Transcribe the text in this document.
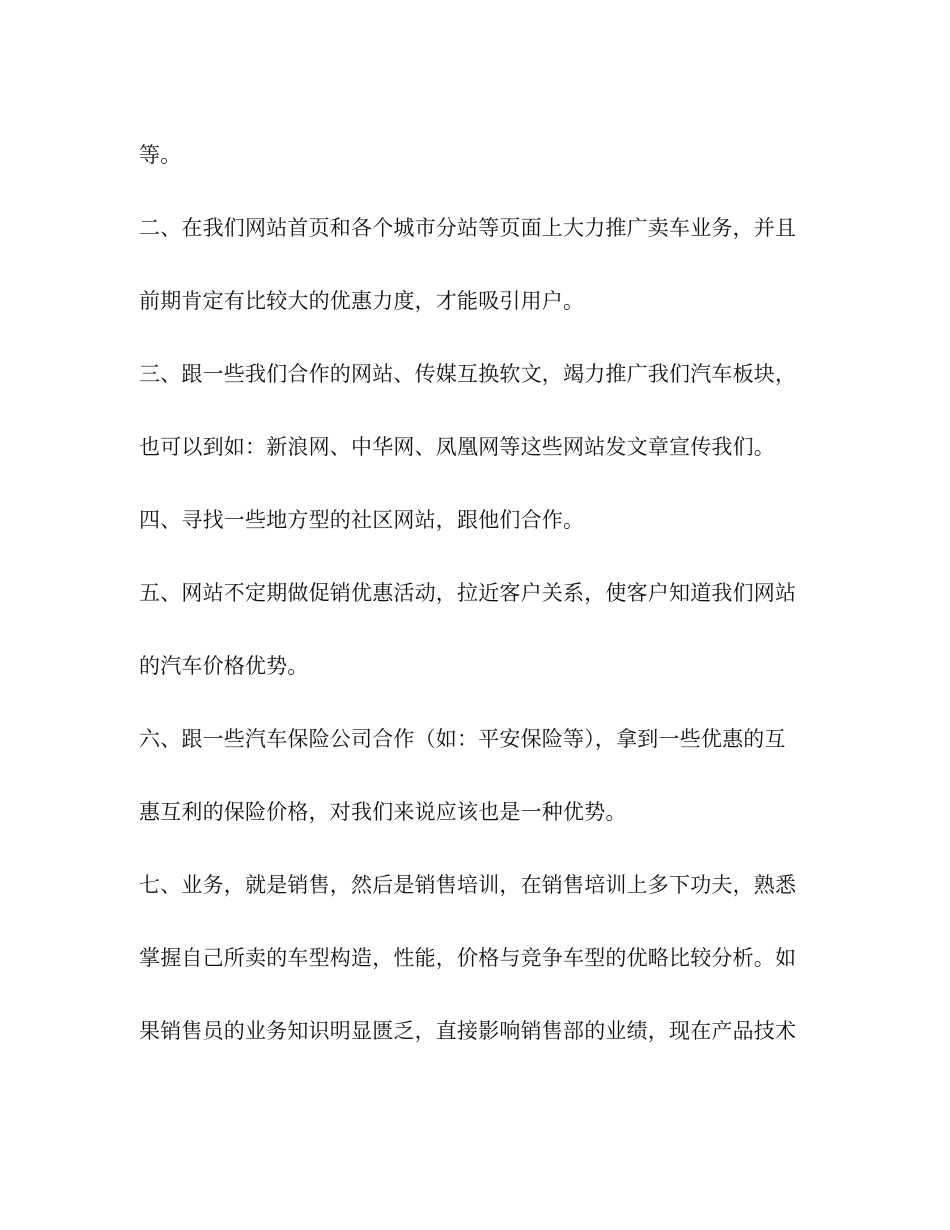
等。

二、在我们网站首页和各个城市分站等页面上大力推广卖车业务，并且

前期肯定有比较大的优惠力度，才能吸引用户。

三、跟一些我们合作的网站、传媒互换软文，竭力推广我们汽车板块，

也可以到如：新浪网、中华网、凤凰网等这些网站发文章宣传我们。

四、寻找一些地方型的社区网站，跟他们合作。

五、网站不定期做促销优惠活动，拉近客户关系，使客户知道我们网站

的汽车价格优势。

六、跟一些汽车保险公司合作（如：平安保险等），拿到一些优惠的互

惠互利的保险价格，对我们来说应该也是一种优势。

七、业务，就是销售，然后是销售培训，在销售培训上多下功夫，熟悉

掌握自己所卖的车型构造，性能，价格与竞争车型的优略比较分析。如

果销售员的业务知识明显匮乏，直接影响销售部的业绩，现在产品技术
